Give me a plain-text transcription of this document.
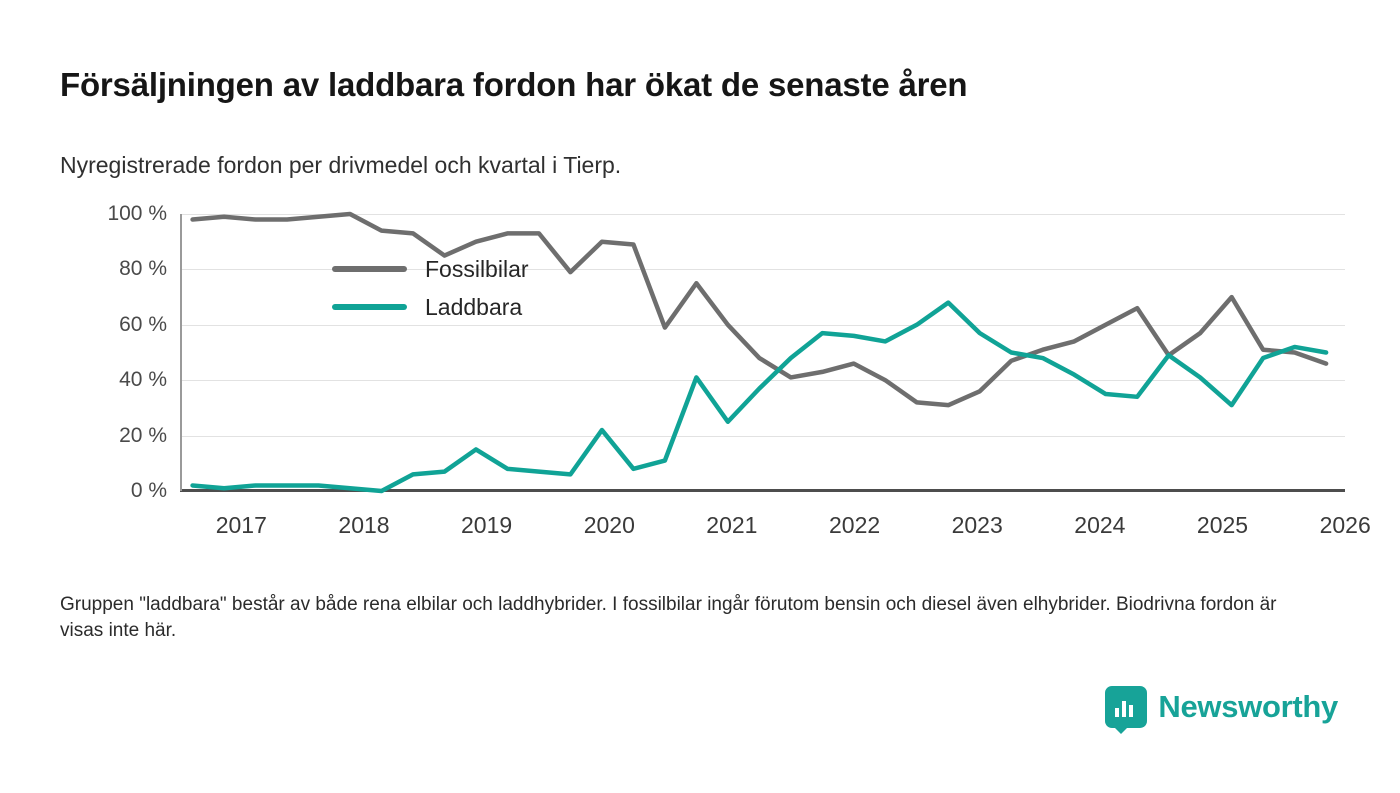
Försäljningen av laddbara fordon har ökat de senaste åren
Nyregistrerade fordon per drivmedel och kvartal i Tierp.
100 %
80 %
60 %
40 %
20 %
0 %
2017	2018	2019	2020	2021	2022	2023	2024	2025	2026
Fossilbilar
Laddbara
Gruppen "laddbara" består av både rena elbilar och laddhybrider. I fossilbilar ingår förutom bensin och diesel även elhybrider. Biodrivna fordon är visas inte här.
Newsworthy
